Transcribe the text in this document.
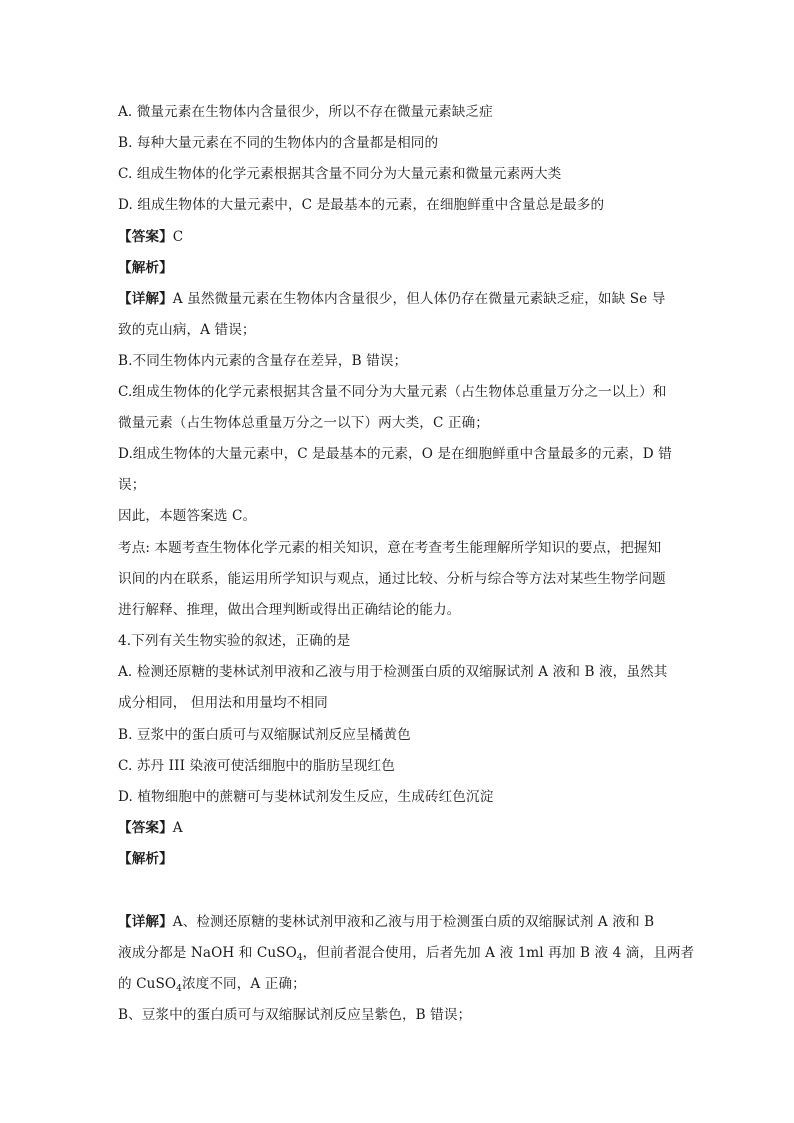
A. 微量元素在生物体内含量很少，所以不存在微量元素缺乏症
B. 每种大量元素在不同的生物体内的含量都是相同的
C. 组成生物体的化学元素根据其含量不同分为大量元素和微量元素两大类
D. 组成生物体的大量元素中，C 是最基本的元素，在细胞鲜重中含量总是最多的
【答案】C
【解析】
【详解】A 虽然微量元素在生物体内含量很少，但人体仍存在微量元素缺乏症，如缺 Se 导
致的克山病，A 错误；
B.不同生物体内元素的含量存在差异，B 错误；
C.组成生物体的化学元素根据其含量不同分为大量元素（占生物体总重量万分之一以上）和
微量元素（占生物体总重量万分之一以下）两大类，C 正确；
D.组成生物体的大量元素中，C 是最基本的元素，O 是在细胞鲜重中含量最多的元素，D 错
误；
因此，本题答案选 C。
考点: 本题考查生物体化学元素的相关知识，意在考查考生能理解所学知识的要点，把握知
识间的内在联系，能运用所学知识与观点，通过比较、分析与综合等方法对某些生物学问题
进行解释、推理，做出合理判断或得出正确结论的能力。
4.下列有关生物实验的叙述，正确的是
A. 检测还原糖的斐林试剂甲液和乙液与用于检测蛋白质的双缩脲试剂 A 液和 B 液，虽然其
成分相同， 但用法和用量均不相同
B. 豆浆中的蛋白质可与双缩脲试剂反应呈橘黄色
C. 苏丹 III 染液可使活细胞中的脂肪呈现红色
D. 植物细胞中的蔗糖可与斐林试剂发生反应，生成砖红色沉淀
【答案】A
【解析】
【详解】A、检测还原糖的斐林试剂甲液和乙液与用于检测蛋白质的双缩脲试剂 A 液和 B
液成分都是 NaOH 和 CuSO$_4$，但前者混合使用，后者先加 A 液 1ml 再加 B 液 4 滴，且两者
的 CuSO$_4$浓度不同，A 正确；
B、豆浆中的蛋白质可与双缩脲试剂反应呈紫色，B 错误；
